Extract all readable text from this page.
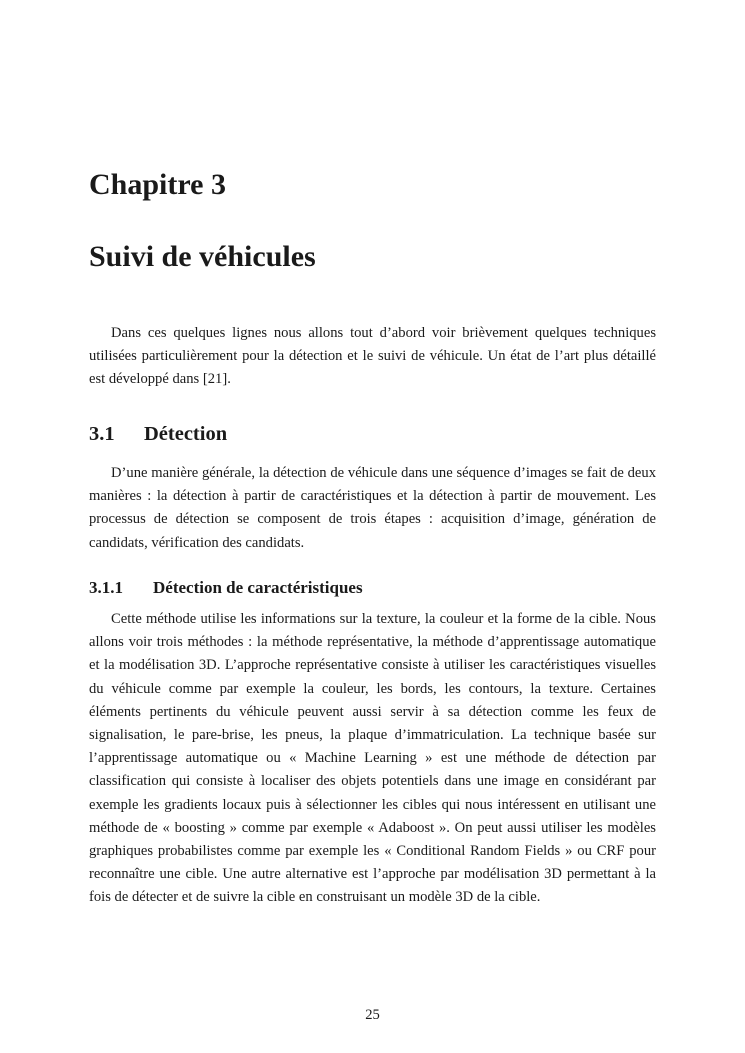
Chapitre 3
Suivi de véhicules

Dans ces quelques lignes nous allons tout d’abord voir brièvement quelques techniques utilisées particulièrement pour la détection et le suivi de véhicule. Un état de l’art plus détaillé est développé dans [21].

3.1 Détection

D’une manière générale, la détection de véhicule dans une séquence d’images se fait de deux manières : la détection à partir de caractéristiques et la détection à partir de mouvement. Les processus de détection se composent de trois étapes : acquisition d’image, génération de candidats, vérification des candidats.

3.1.1 Détection de caractéristiques

Cette méthode utilise les informations sur la texture, la couleur et la forme de la cible. Nous allons voir trois méthodes : la méthode représentative, la méthode d’apprentissage automatique et la modélisation 3D. L’approche représentative consiste à utiliser les caractéristiques visuelles du véhicule comme par exemple la couleur, les bords, les contours, la texture. Certaines éléments pertinents du véhicule peuvent aussi servir à sa détection comme les feux de signalisation, le pare-brise, les pneus, la plaque d’immatriculation. La technique basée sur l’apprentissage automatique ou « Machine Learning » est une méthode de détection par classification qui consiste à localiser des objets potentiels dans une image en considérant par exemple les gradients locaux puis à sélectionner les cibles qui nous intéressent en utilisant une méthode de « boosting » comme par exemple « Adaboost ». On peut aussi utiliser les modèles graphiques probabilistes comme par exemple les « Conditional Random Fields » ou CRF pour reconnaître une cible. Une autre alternative est l’approche par modélisation 3D permettant à la fois de détecter et de suivre la cible en construisant un modèle 3D de la cible.

25
